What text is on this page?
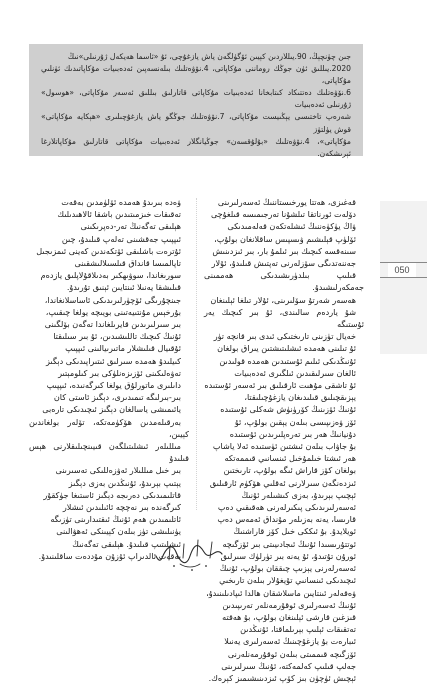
جىن چۈنچېڭ، 90.يىللاردىن كېيىن ئۆگۈلگەن ياش يازغۇچى، ئۇ «ئاسما ھەيكەل ژۇرنىلى»نىڭ

2020.يىللىق ئۈن جوڭك روماننى مۇكاپاتى، 4.نۆۋەتلىك بىلەنسەپىن ئەدەبىيات مۇكاپاتىدىك ئۈنلىي مۇكاپاتى،

6.نۆۋەتلىك دەتتىكاد كىتابخانا ئەدەبىيات مۇكاپاتى قاتارلىق بىللىق ئەسەر مۇكاپاتى، «ھوسول» ژۇرنىلى ئەدەبىيات

شەرەپ تاختىسى يېڭىيست مۇكاپاتى، 7.نۆۋەتلىك جوڭگو ياش يازغۇچىلىرى «ھېكايە مۇكاپاتى» قوش يۈلتۈز

مۇكاپاتى»، 4.نۆۋەتلىك «بۇلۇقسەن» جوڭيانگلار ئەدەبىيات مۇكاپاتى قاتارلىق مۇكاپاتلارغا ئېرىشكەن.

قەغىزى، ھەتتا يورخىستاننىڭ ئەسەرلىرىنى

دۆلەت ئورناتقا تىلشۇنا تەرجىمىسە قىلغۇچى

ۋاڭ يۈكۈەننىڭ ئىشلەتكەن قەلەمىدىكى

ئۆلۈپ قېلىشىم ۋىسپىس ساقلانغان بولۇپ،

سىنەقسە كىچىك بىر ئىلمۇ بار، بىر ئىزدىنىش

جەننەتدىگى سۆزلەرنى تەپتىش قىلىدۇ، ئۇلار

قىلىپ بىلدۈرىشىدىكى ھەممىنى جەمكەرلىشىدۇ.

ھەسەر شەرتۇ سۆلىرىنى، ئۇلار تىلغا ئېلىنغان

شۇ ياردەم سالىندى، ئۇ بىر كىچىك يەر ئۇستىگە

خەيال تۈزىنى تارىختىكى ئىدى بىر قانچە تۈر

ئۇ تىلىنى ھەمدە ئىشلىتىشتىن يىراق بولغان

ئۇنىڭدىكى ئىلىم ئۇستىدىن ھەمدە قولىدىن

ئالغان سىرلىقىدىن ئىلگىرى ئەدەبىيات

ئۇ تاشقى مۇھىت ئارقىلىق بىر ئەسەر ئۇستىدە

يېزىقچىلىق قىلىدىغان يازغۇچىلىقتا،

ئۇنىڭ ئۆزىنىڭ كۆرۈنۈش شەكلى ئۇستىدە

ئۆز ۋەزىپىسى بىلەن يېقىن بولۇپ، ئۇ

دۇنيانىڭ ھەر بىر تەرەپلىرىدىن ئۇستىدە

بۇ جاۋاب بىلەن ئىشتىن ئۈستىدە ئەلا ياشاپ

ھەر ئىشتا خىلمۇخىل ئىنسانىي قىممەتكە

بولغان كۆز قاراش ئىگە بولۇپ، تارىختىن

ئىزدەنگەن سىرلارنى ئەقلىي ھۆكۈم ئارقىلىق

ئېچىپ بېرىدۇ، بەزى كىشىلەر ئۇنىڭ

ئەسەرلىرىدىكى پىكىرلەرنى ھەقىقىي دەپ

قارىسا، يەنە بەزىلەر مۇنداق ئەمەس دەپ

ئويلايدۇ. بۇ ئىككى خىل كۆز قاراشنىڭ

ئوتتۇرىسىدا ئۇنىڭ ئىجادىيىتى بىر ئۆزگىچە

ئورۇن تۇتىدۇ، ئۇ يەنە بىر تۈرلۈك سىرلىق

ئەسەرلەرنى يېزىپ چىققان بولۇپ، ئۇنىڭ

ئىچىدىكى ئىنسانىي تۇيغۇلار بىلەن تارىخىي

ۋەقەلەر ئىنتايىن ماسلاشقان ھالدا ئىپادىلىنىدۇ،

ئۇنىڭ ئەسەرلىرى ئوقۇرمەنلەر تەرىپىدىن

قىزغىن قارشى ئېلىنغان بولۇپ، بۇ ھەقتە

تەتقىقات ئېلىپ بېرىلماقتا، ئۇنىڭدىن

ئىبارەت بۇ يازغۇچىنىڭ ئەسەرلىرى يەنىلا

ئۆزگىچە قىممىتى بىلەن ئوقۇرمەنلەرنى

جەلپ قىلىپ كەلمەكتە، ئۇنىڭ سىرلىرىنى

ئېچىش ئۈچۈن بىز كۆپ ئىزدىنىشىمىز كېرەك.

ۋەدە بىرىدۇ ھەمدە ئۆلۈمدىن بەقەت

تەقىقات خىزمىتىدىن باشقا ئالاھىدىلىك

ھېلىقى تەگەنىڭ تەر-دەپرىكىنى

ئىپپىپ جەقشىنى تەلەپ قىلىدۇ، چىن

ئۇترەت باشلىقى ئۆتكەندىن كەينى ئىمزىجىل

تاپالمىسا قانداق قىلسىلالىشقىنى

سورىغاندا، سوۋىھكىر بەدىلاقۇلاپلىق يازدەم

قىلىشقا يەنىلا ئىنتايىن ئېنىق تۇرىدۇ.

جىنچۇرىگى ئۆچۈرلىرىدىكى ئاساسلانغاندا،

بۇرخېس مۇنتىيەتىنى بويىچە يولغا چىقىپ،

بىر سىرلىرىدىن قايرىلغاندا تەگەن بۆلگىنى

ئۇنىڭ كىچىك تاللىشىدىن، ئۇ بىر سىلىقتا

ئۇقىيال قىلىشلار ماتىرىيالىنى ئىپپىپ

كىيلىدۇ ھەمدە سىرلىق ئىتىراپىدىكى دېگىز

تەۋەلىكىنى ئۆزىزەنلۈكى بىر كىلومېتىر

داىلىرى ماتورلۇق يولغا كىرگەنىدە، ئىپپىپ

بىر-بىرلىگە تىمىدىرى، دېگىز ئاستى كان

يائىمىشى ياسالغان دېگىز ئىچىدىكى تارەبى

بەرقىلەمدىن ھۆكۈمەتكە، تۆلەر بولغاندىن كېيىن،

مىللىلەر ئىشلىتىلگەن قىيىنچىلىقلارنى ھېس قىلىدۇ

بىر خىل مىللىلار ئەۋزەللىكى تەسىرىنى

يېتىپ بېرىدۇ، ئۇنىڭدىن بەزى دېگىز

قاتلىمىدىكى دەرىجە دېگىز ئاستىغا جۈكقۇر

كىرگەندە بىر نەچچە ئائىلىدىن ئىشلار

ئاتلىمىدىن ھەم ئۇنىڭ ئىقتىدارىنى تۈزىگە

يۈنىلىشى تۈز بىلەن كېيىنكى ئەھۋالىنى

ئىشلىتىپ قىلىدۇ. ھېلىقى تەگەنىڭ

بەقەت ئالدىراپ ئۇزۇن مۇددەت ساقلىنىدۇ.

050
